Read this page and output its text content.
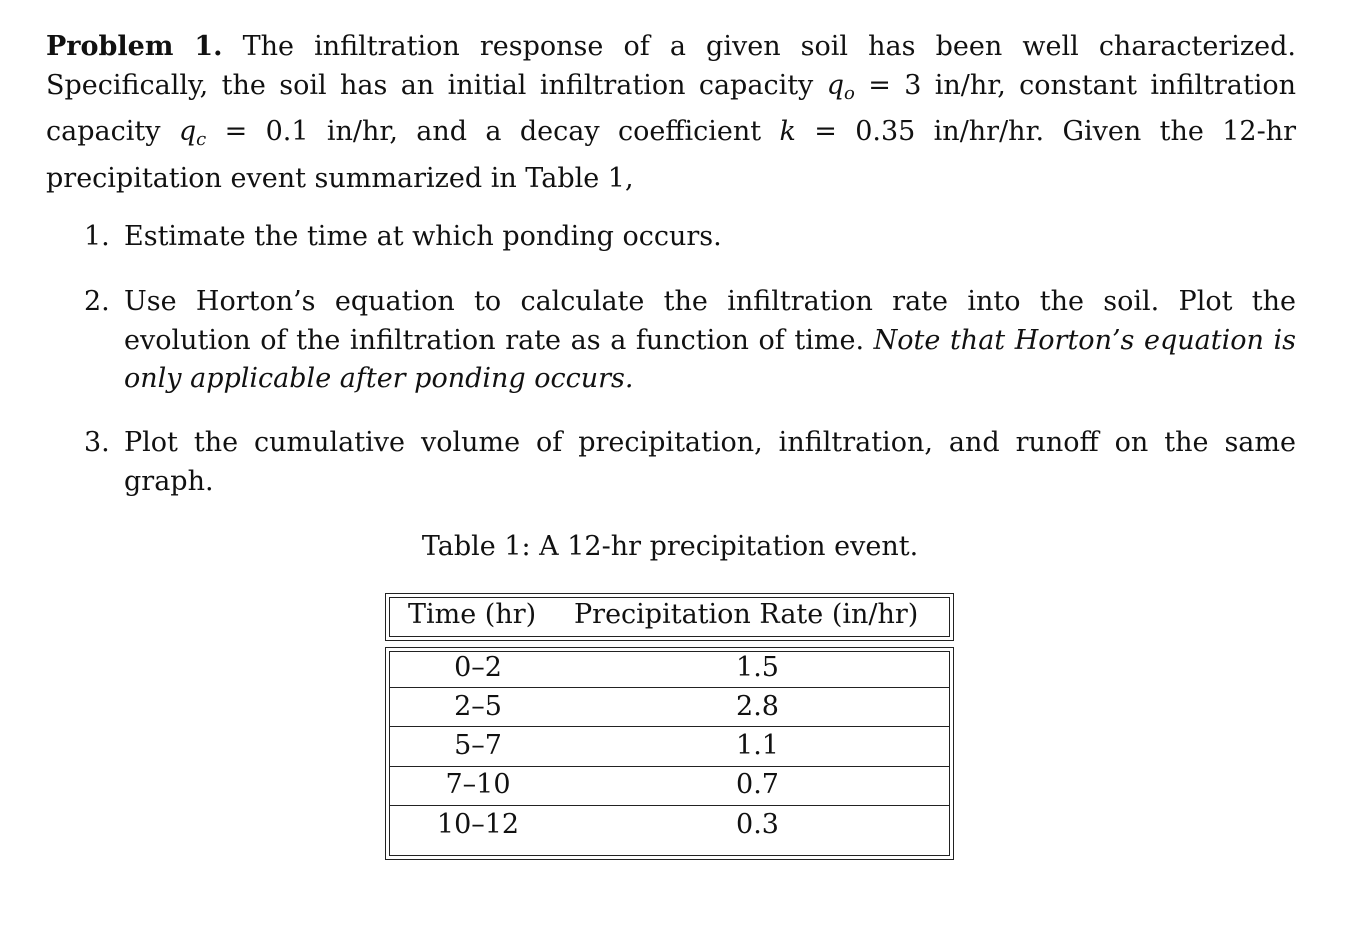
Problem 1. The infiltration response of a given soil has been well characterized. Specifically, the soil has an initial infiltration capacity $q_o = 3$ in/hr, constant infiltration capacity $q_c = 0.1$ in/hr, and a decay coefficient k = 0.35 in/hr/hr. Given the 12-hr precipitation event summarized in Table 1,
1. Estimate the time at which ponding occurs.
2. Use Horton’s equation to calculate the infiltration rate into the soil. Plot the evolution of the infiltration rate as a function of time. Note that Horton’s equation is only applicable after ponding occurs.
3. Plot the cumulative volume of precipitation, infiltration, and runoff on the same graph.
Table 1: A 12-hr precipitation event.
Time (hr) Precipitation Rate (in/hr)
0–2	1.5
2–5	2.8
5–7	1.1
7–10	0.7
10–12	0.3
